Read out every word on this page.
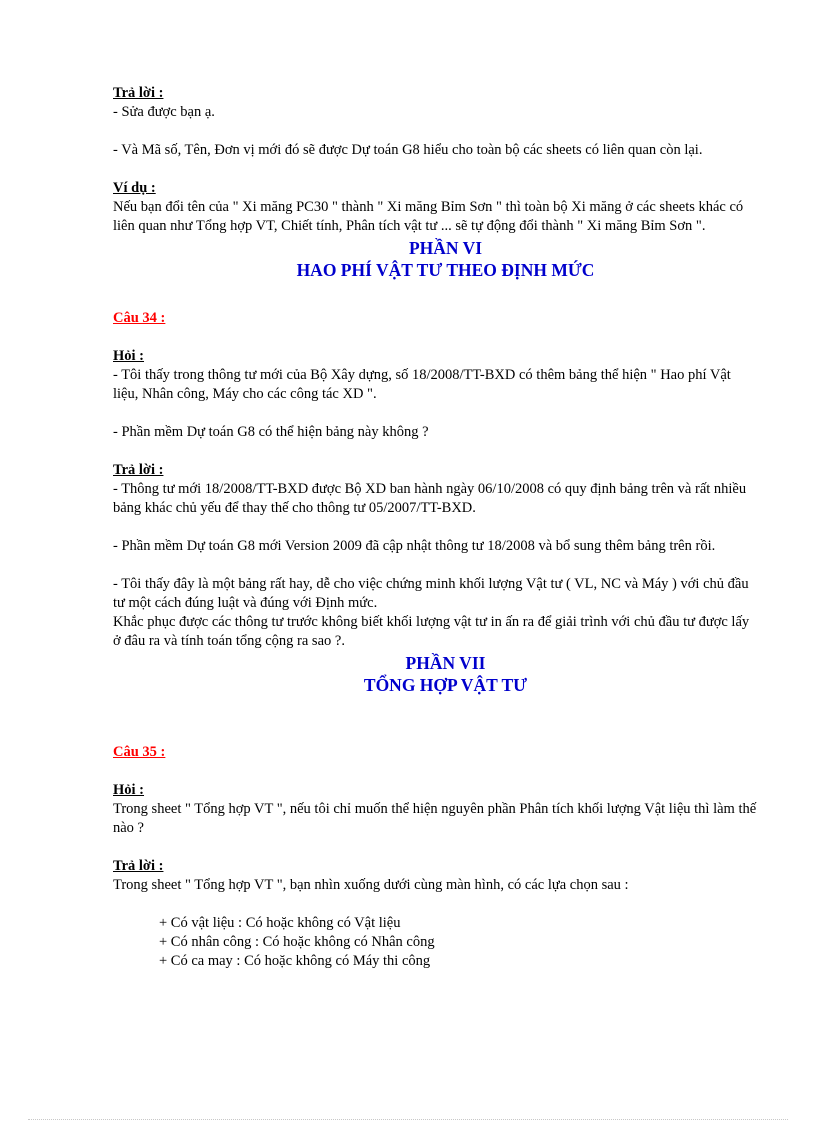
Trả lời :

- Sửa được bạn ạ.

- Và Mã số, Tên, Đơn vị mới đó sẽ được Dự toán G8 hiểu cho toàn bộ các sheets có liên quan còn lại.

Ví dụ :

Nếu bạn đổi tên của " Xi măng PC30 " thành " Xi măng Bỉm Sơn " thì toàn bộ Xi măng ở các sheets khác có liên quan như Tổng hợp VT, Chiết tính, Phân tích vật tư ... sẽ tự động đổi thành " Xi măng Bỉm Sơn ".

PHẦN VI
HAO PHÍ VẬT TƯ THEO ĐỊNH MỨC

Câu 34 :

Hỏi :

- Tôi thấy trong thông tư mới của Bộ Xây dựng, số 18/2008/TT-BXD có thêm bảng thể hiện " Hao phí Vật liệu, Nhân công, Máy cho các công tác XD ".

- Phần mềm Dự toán G8 có thể hiện bảng này không ?

Trả lời :

- Thông tư mới 18/2008/TT-BXD được Bộ XD ban hành ngày 06/10/2008 có quy định bảng trên và rất nhiều bảng khác chủ yếu để thay thế cho thông tư 05/2007/TT-BXD.

- Phần mềm Dự toán G8 mới Version 2009 đã cập nhật thông tư 18/2008 và bổ sung thêm bảng trên rồi.

- Tôi thấy đây là một bảng rất hay, dễ cho việc chứng minh khối lượng Vật tư ( VL, NC và Máy ) với chủ đầu tư một cách đúng luật và đúng với Định mức.

Khắc phục được các thông tư trước không biết khối lượng vật tư in ấn ra để giải trình với chủ đầu tư được lấy ở đâu ra và tính toán tổng cộng ra sao ?.

PHẦN VII
TỔNG HỢP VẬT TƯ

Câu 35 :

Hỏi :

Trong sheet " Tổng hợp VT ", nếu tôi chỉ muốn thể hiện nguyên phần Phân tích khối lượng Vật liệu thì làm thế nào ?

Trả lời :

Trong sheet " Tổng hợp VT ", bạn nhìn xuống dưới cùng màn hình, có các lựa chọn sau :

+ Có vật liệu : Có hoặc không có Vật liệu

+ Có nhân công : Có hoặc không có Nhân công

+ Có ca may : Có hoặc không có Máy thi công
